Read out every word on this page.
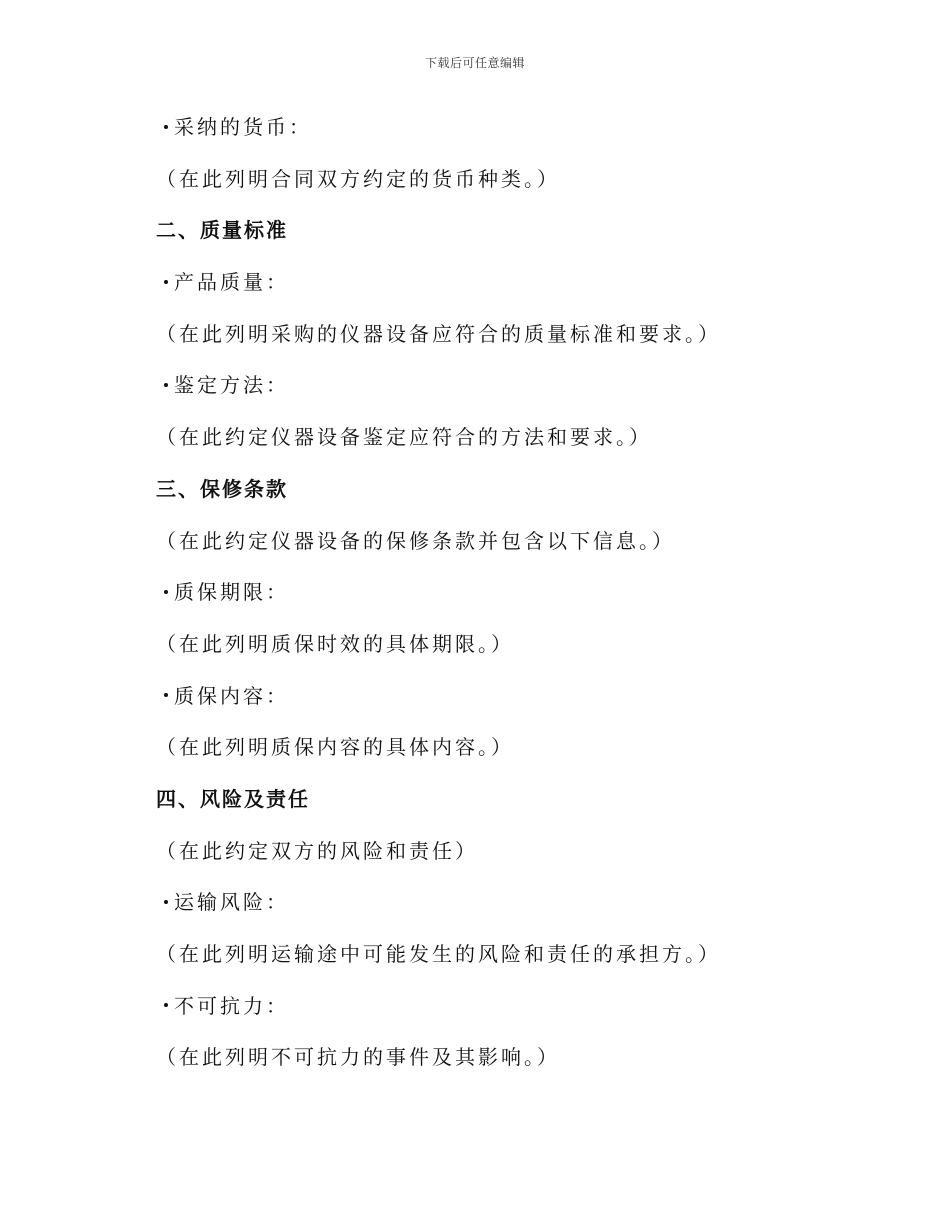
下载后可任意编辑
采纳的货币：
（在此列明合同双方约定的货币种类。）
二、质量标准
产品质量：
（在此列明采购的仪器设备应符合的质量标准和要求。）
鉴定方法：
（在此约定仪器设备鉴定应符合的方法和要求。）
三、保修条款
（在此约定仪器设备的保修条款并包含以下信息。）
质保期限：
（在此列明质保时效的具体期限。）
质保内容：
（在此列明质保内容的具体内容。）
四、风险及责任
（在此约定双方的风险和责任）
运输风险：
（在此列明运输途中可能发生的风险和责任的承担方。）
不可抗力：
（在此列明不可抗力的事件及其影响。）
